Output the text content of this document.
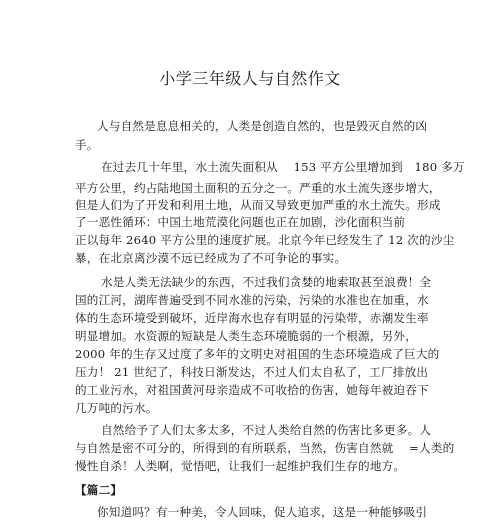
小学三年级人与自然作文
人与自然是息息相关的，人类是创造自然的，也是毁灭自然的凶
手。
在过去几十年里，水土流失面积从　 153 平方公里增加到　180 多万
平方公里，约占陆地国土面积的五分之一。严重的水土流失逐步增大，
但是人们为了开发和利用土地，从而又导致更加严重的水土流失。形成
了一恶性循环：中国土地荒漠化问题也正在加剧，沙化面积当前
正以每年 2640 平方公里的速度扩展。北京今年已经发生了 12 次的沙尘
暴，在北京离沙漠不远已经成为了不可争论的事实。
水是人类无法缺少的东西，不过我们贪婪的地索取甚至浪费！全
国的江河，湖库普遍受到不同水准的污染，污染的水准也在加重，水
体的生态环境受到破坏，近岸海水也存有明显的污染带，赤潮发生率
明显增加。水资源的短缺是人类生态环境脆弱的一个根源，另外，
2000 年的生存又过度了多年的文明史对祖国的生态环境造成了巨大的
压力！ 21 世纪了，科技日渐发达，不过人们太自私了，工厂排放出
的工业污水，对祖国黄河母亲造成不可收拾的伤害，她每年被迫吞下
几万吨的污水。
自然给予了人们太多太多，不过人类给自然的伤害比多更多。人
与自然是密不可分的，所得到的有所联系，当然，伤害自然就　 =人类的
慢性自杀！人类啊，觉悟吧，让我们一起维护我们生存的地方。
【篇二】
你知道吗？有一种美，令人回味，促人追求，这是一种能够吸引
